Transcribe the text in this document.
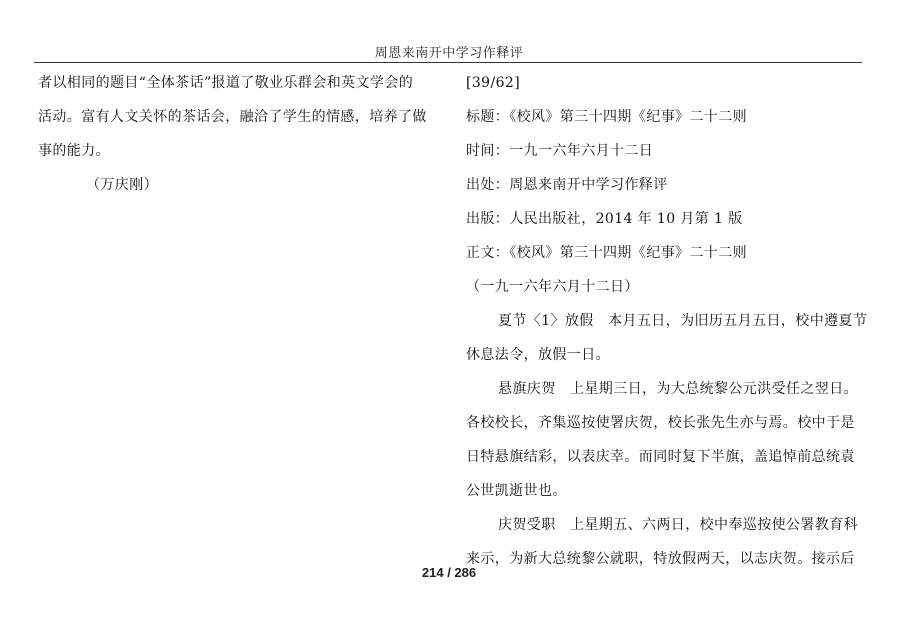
周恩来南开中学习作释评
者以相同的题目“全体茶话”报道了敬业乐群会和英文学会的
活动。富有人文关怀的茶话会，融洽了学生的情感，培养了做
事的能力。
（万庆刚）
[39/62]
标题：《校风》第三十四期《纪事》二十二则
时间：一九一六年六月十二日
出处：周恩来南开中学习作释评
出版：人民出版社，2014 年 10 月第 1 版
正文：《校风》第三十四期《纪事》二十二则
（一九一六年六月十二日）
夏节〈1〉放假　本月五日，为旧历五月五日，校中遵夏节
休息法令，放假一日。
悬旗庆贺　上星期三日，为大总统黎公元洪受任之翌日。
各校校长，齐集巡按使署庆贺，校长张先生亦与焉。校中于是
日特悬旗结彩，以表庆幸。而同时复下半旗，盖追悼前总统袁
公世凯逝世也。
庆贺受职　上星期五、六两日，校中奉巡按使公署教育科
来示，为新大总统黎公就职，特放假两天，以志庆贺。接示后
214 / 286
